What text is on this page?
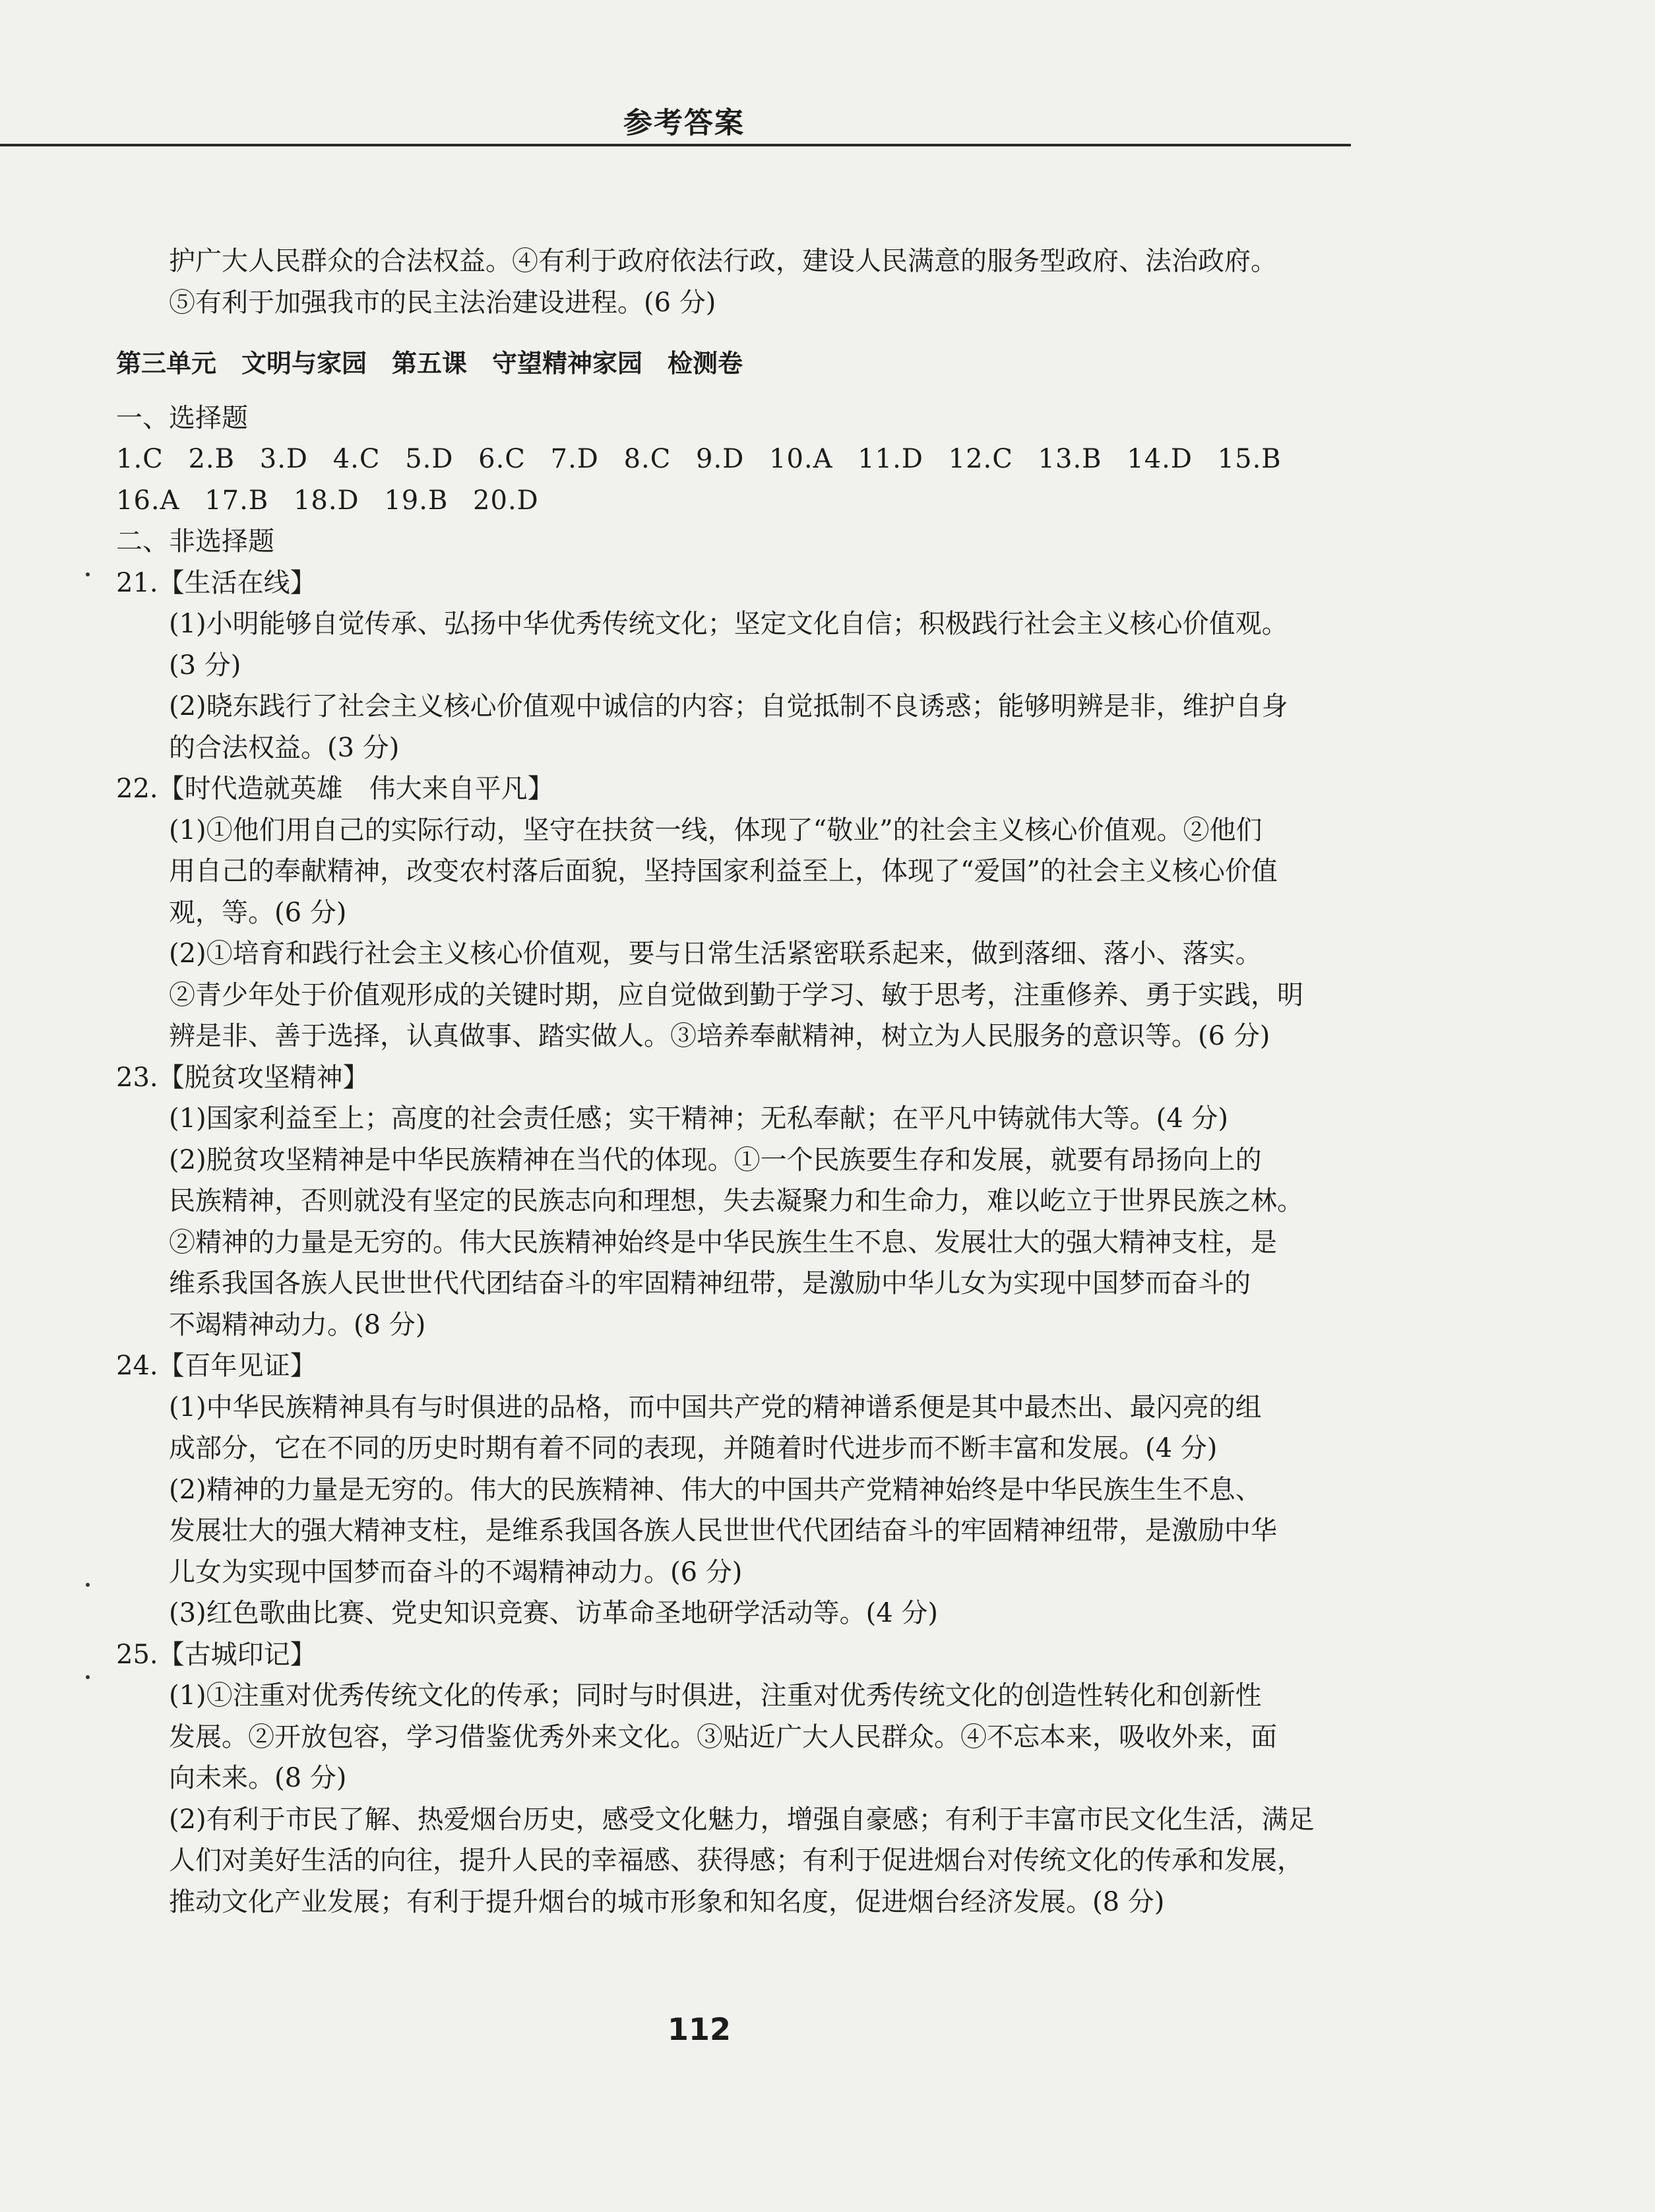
参考答案

护广大人民群众的合法权益。④有利于政府依法行政，建设人民满意的服务型政府、法治政府。

⑤有利于加强我市的民主法治建设进程。(6 分)

第三单元　文明与家园　第五课　守望精神家园　检测卷

一、选择题

1.C 2.B 3.D 4.C 5.D 6.C 7.D 8.C 9.D 10.A 11.D 12.C 13.B 14.D 15.B

16.A 17.B 18.D 19.B 20.D

二、非选择题

21.【生活在线】

(1)小明能够自觉传承、弘扬中华优秀传统文化；坚定文化自信；积极践行社会主义核心价值观。

(3 分)

(2)晓东践行了社会主义核心价值观中诚信的内容；自觉抵制不良诱惑；能够明辨是非，维护自身

的合法权益。(3 分)

22.【时代造就英雄　伟大来自平凡】

(1)①他们用自己的实际行动，坚守在扶贫一线，体现了“敬业”的社会主义核心价值观。②他们

用自己的奉献精神，改变农村落后面貌，坚持国家利益至上，体现了“爱国”的社会主义核心价值

观，等。(6 分)

(2)①培育和践行社会主义核心价值观，要与日常生活紧密联系起来，做到落细、落小、落实。

②青少年处于价值观形成的关键时期，应自觉做到勤于学习、敏于思考，注重修养、勇于实践，明

辨是非、善于选择，认真做事、踏实做人。③培养奉献精神，树立为人民服务的意识等。(6 分)

23.【脱贫攻坚精神】

(1)国家利益至上；高度的社会责任感；实干精神；无私奉献；在平凡中铸就伟大等。(4 分)

(2)脱贫攻坚精神是中华民族精神在当代的体现。①一个民族要生存和发展，就要有昂扬向上的

民族精神，否则就没有坚定的民族志向和理想，失去凝聚力和生命力，难以屹立于世界民族之林。

②精神的力量是无穷的。伟大民族精神始终是中华民族生生不息、发展壮大的强大精神支柱，是

维系我国各族人民世世代代团结奋斗的牢固精神纽带，是激励中华儿女为实现中国梦而奋斗的

不竭精神动力。(8 分)

24.【百年见证】

(1)中华民族精神具有与时俱进的品格，而中国共产党的精神谱系便是其中最杰出、最闪亮的组

成部分，它在不同的历史时期有着不同的表现，并随着时代进步而不断丰富和发展。(4 分)

(2)精神的力量是无穷的。伟大的民族精神、伟大的中国共产党精神始终是中华民族生生不息、

发展壮大的强大精神支柱，是维系我国各族人民世世代代团结奋斗的牢固精神纽带，是激励中华

儿女为实现中国梦而奋斗的不竭精神动力。(6 分)

(3)红色歌曲比赛、党史知识竞赛、访革命圣地研学活动等。(4 分)

25.【古城印记】

(1)①注重对优秀传统文化的传承；同时与时俱进，注重对优秀传统文化的创造性转化和创新性

发展。②开放包容，学习借鉴优秀外来文化。③贴近广大人民群众。④不忘本来，吸收外来，面

向未来。(8 分)

(2)有利于市民了解、热爱烟台历史，感受文化魅力，增强自豪感；有利于丰富市民文化生活，满足

人们对美好生活的向往，提升人民的幸福感、获得感；有利于促进烟台对传统文化的传承和发展，

推动文化产业发展；有利于提升烟台的城市形象和知名度，促进烟台经济发展。(8 分)

112
